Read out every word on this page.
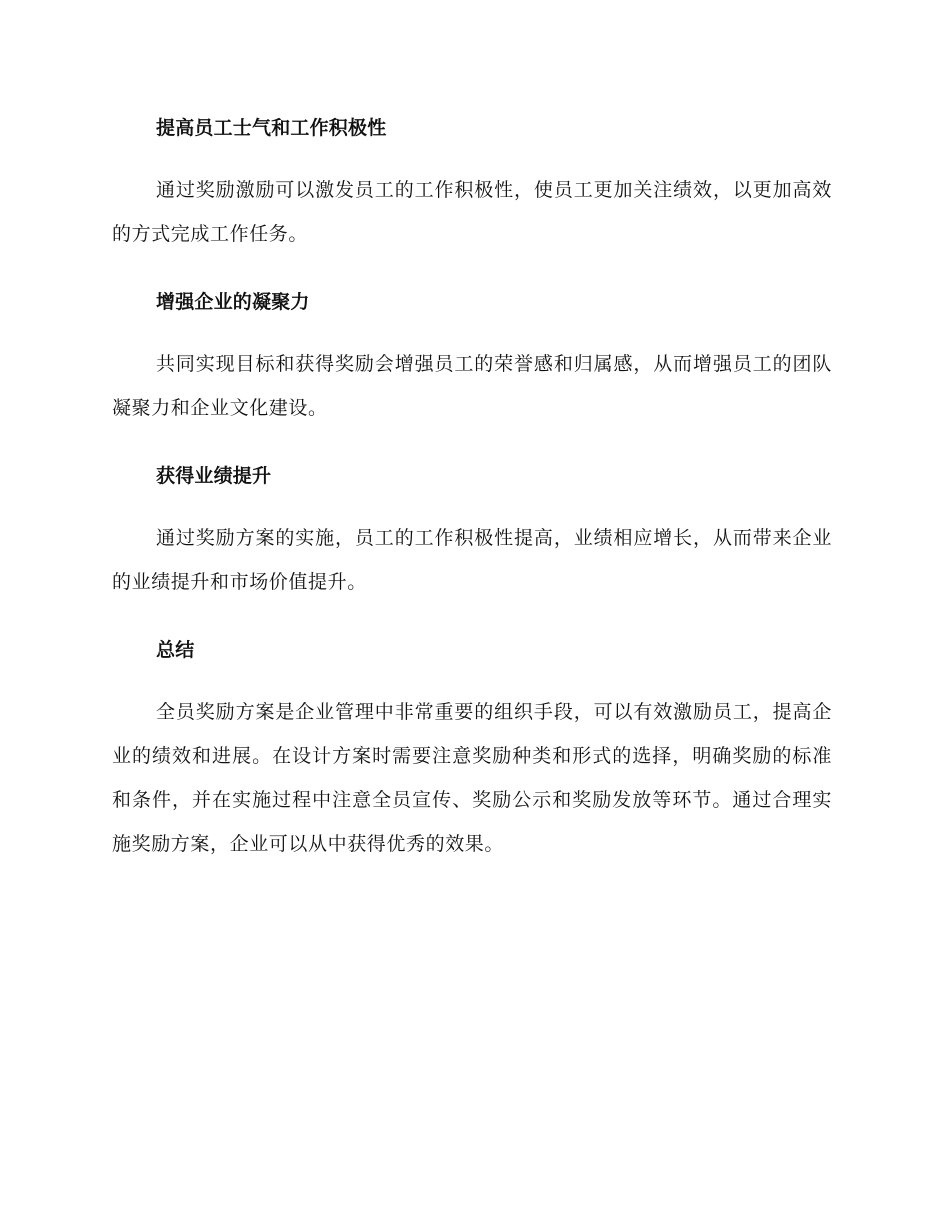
提高员工士气和工作积极性

通过奖励激励可以激发员工的工作积极性，使员工更加关注绩效，以更加高效的方式完成工作任务。

增强企业的凝聚力

共同实现目标和获得奖励会增强员工的荣誉感和归属感，从而增强员工的团队凝聚力和企业文化建设。

获得业绩提升

通过奖励方案的实施，员工的工作积极性提高，业绩相应增长，从而带来企业的业绩提升和市场价值提升。

总结

全员奖励方案是企业管理中非常重要的组织手段，可以有效激励员工，提高企业的绩效和进展。在设计方案时需要注意奖励种类和形式的选择，明确奖励的标准和条件，并在实施过程中注意全员宣传、奖励公示和奖励发放等环节。通过合理实施奖励方案，企业可以从中获得优秀的效果。
